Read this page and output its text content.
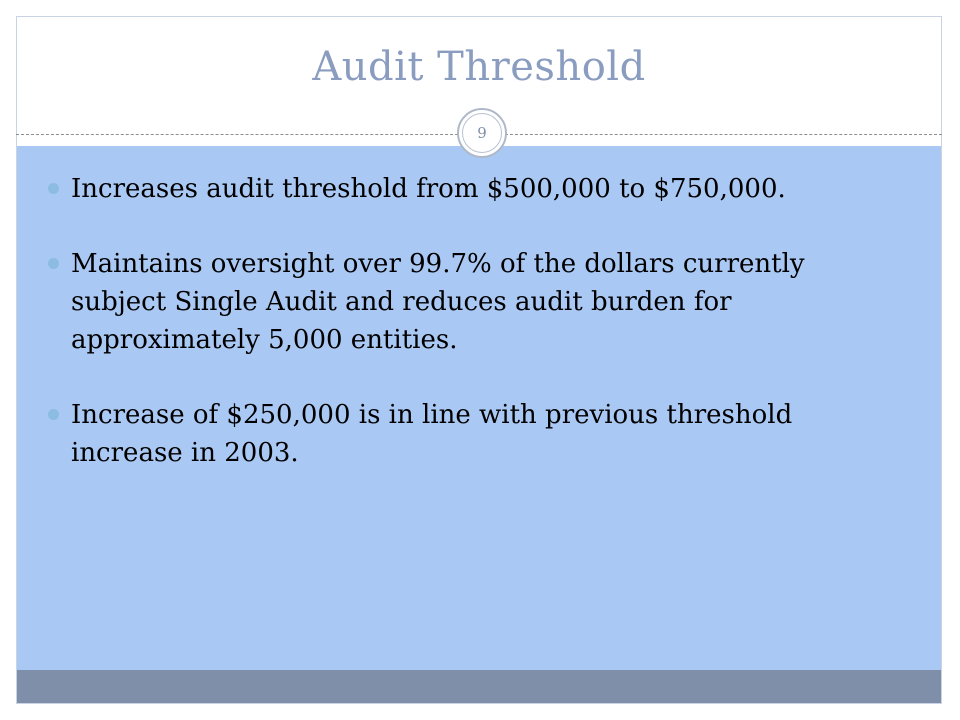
Audit Threshold
9
Increases audit threshold from $500,000 to $750,000.
Maintains oversight over 99.7% of the dollars currently subject Single Audit and reduces audit burden for approximately 5,000 entities.
Increase of $250,000 is in line with previous threshold increase in 2003.
